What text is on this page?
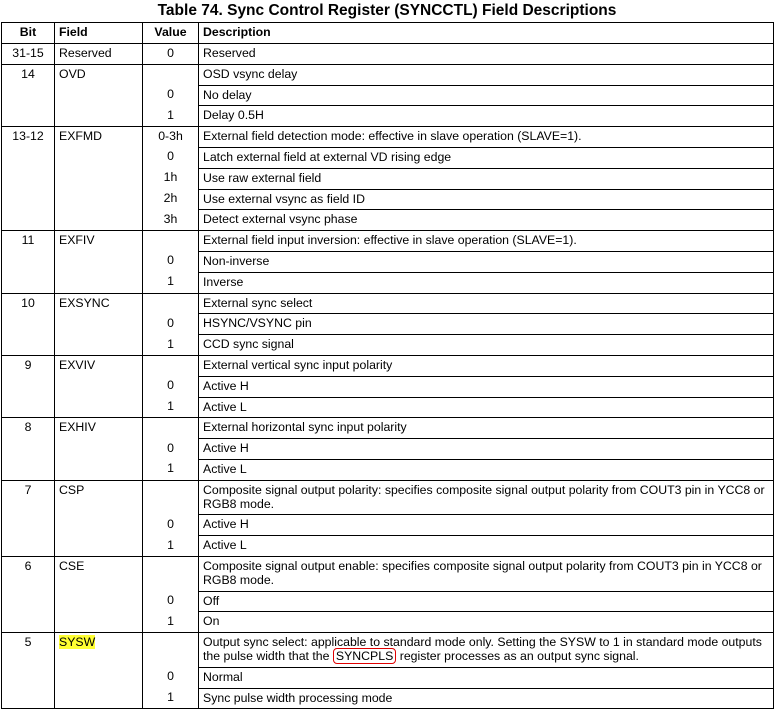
Table 74. Sync Control Register (SYNCCTL) Field Descriptions
Bit	Field	Value	Description
31-15	Reserved	0	Reserved
14	OVD		OSD vsync delay
		0	No delay
		1	Delay 0.5H
13-12	EXFMD	0-3h	External field detection mode: effective in slave operation (SLAVE=1).
		0	Latch external field at external VD rising edge
		1h	Use raw external field
		2h	Use external vsync as field ID
		3h	Detect external vsync phase
11	EXFIV		External field input inversion: effective in slave operation (SLAVE=1).
		0	Non-inverse
		1	Inverse
10	EXSYNC		External sync select
		0	HSYNC/VSYNC pin
		1	CCD sync signal
9	EXVIV		External vertical sync input polarity
		0	Active H
		1	Active L
8	EXHIV		External horizontal sync input polarity
		0	Active H
		1	Active L
7	CSP		Composite signal output polarity: specifies composite signal output polarity from COUT3 pin in YCC8 or RGB8 mode.
		0	Active H
		1	Active L
6	CSE		Composite signal output enable: specifies composite signal output polarity from COUT3 pin in YCC8 or RGB8 mode.
		0	Off
		1	On
5	SYSW		Output sync select: applicable to standard mode only. Setting the SYSW to 1 in standard mode outputs the pulse width that the SYNCPLS register processes as an output sync signal.
		0	Normal
		1	Sync pulse width processing mode
